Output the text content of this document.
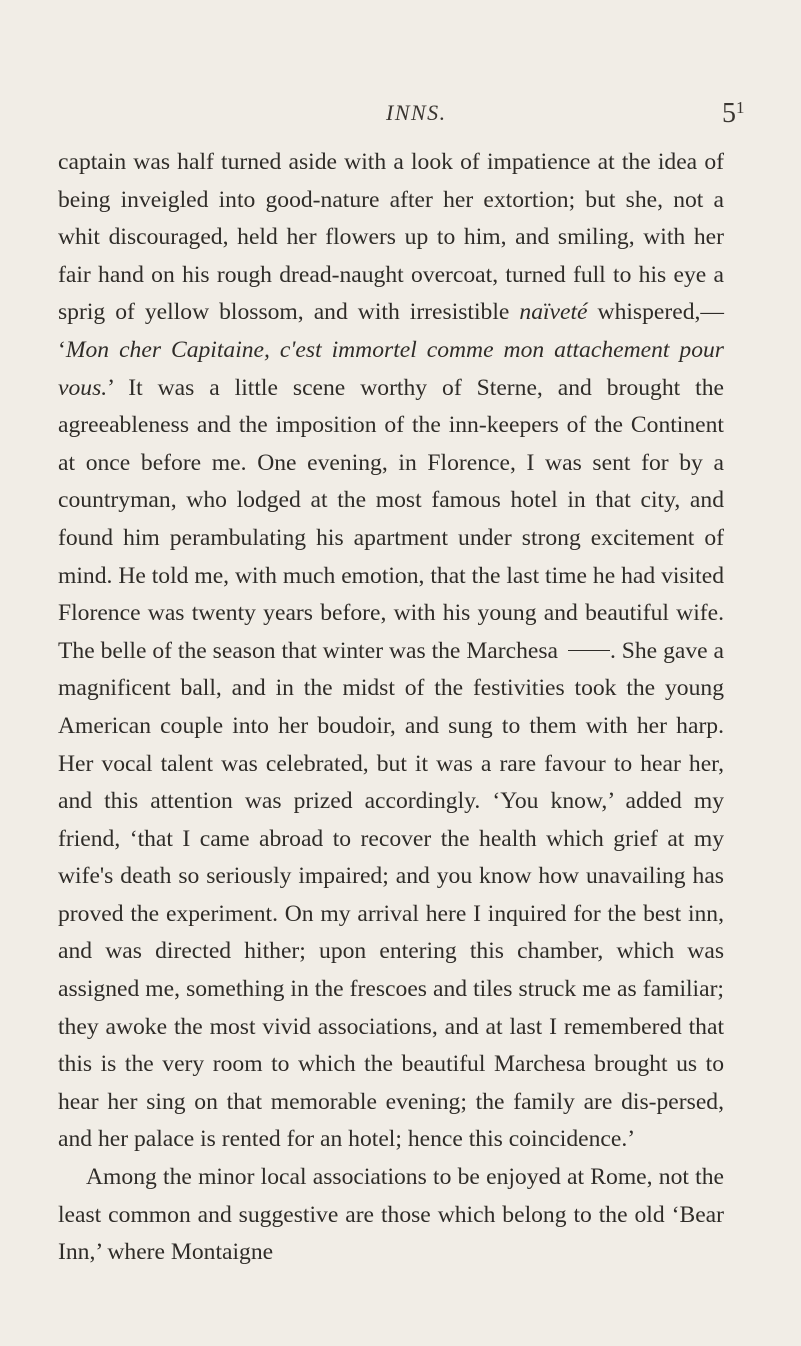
INNS.	$5^1$

captain was half turned aside with a look of impatience at the idea of being inveigled into good-nature after her extortion; but she, not a whit discouraged, held her flowers up to him, and smiling, with her fair hand on his rough dread-naught overcoat, turned full to his eye a sprig of yellow blossom, and with irresistible naïveté whispered,— ‘Mon cher Capitaine, c'est immortel comme mon attachement pour vous.’ It was a little scene worthy of Sterne, and brought the agreeableness and the imposition of the inn-keepers of the Continent at once before me. One evening, in Florence, I was sent for by a countryman, who lodged at the most famous hotel in that city, and found him perambulating his apartment under strong excitement of mind. He told me, with much emotion, that the last time he had visited Florence was twenty years before, with his young and beautiful wife. The belle of the season that winter was the Marchesa . She gave a magnificent ball, and in the midst of the festivities took the young American couple into her boudoir, and sung to them with her harp. Her vocal talent was celebrated, but it was a rare favour to hear her, and this attention was prized accordingly. ‘You know,’ added my friend, ‘that I came abroad to recover the health which grief at my wife's death so seriously impaired; and you know how unavailing has proved the experiment. On my arrival here I inquired for the best inn, and was directed hither; upon entering this chamber, which was assigned me, something in the frescoes and tiles struck me as familiar; they awoke the most vivid associations, and at last I remembered that this is the very room to which the beautiful Marchesa brought us to hear her sing on that memorable evening; the family are dis-persed, and her palace is rented for an hotel; hence this coincidence.’

Among the minor local associations to be enjoyed at Rome, not the least common and suggestive are those which belong to the old ‘Bear Inn,’ where Montaigne
